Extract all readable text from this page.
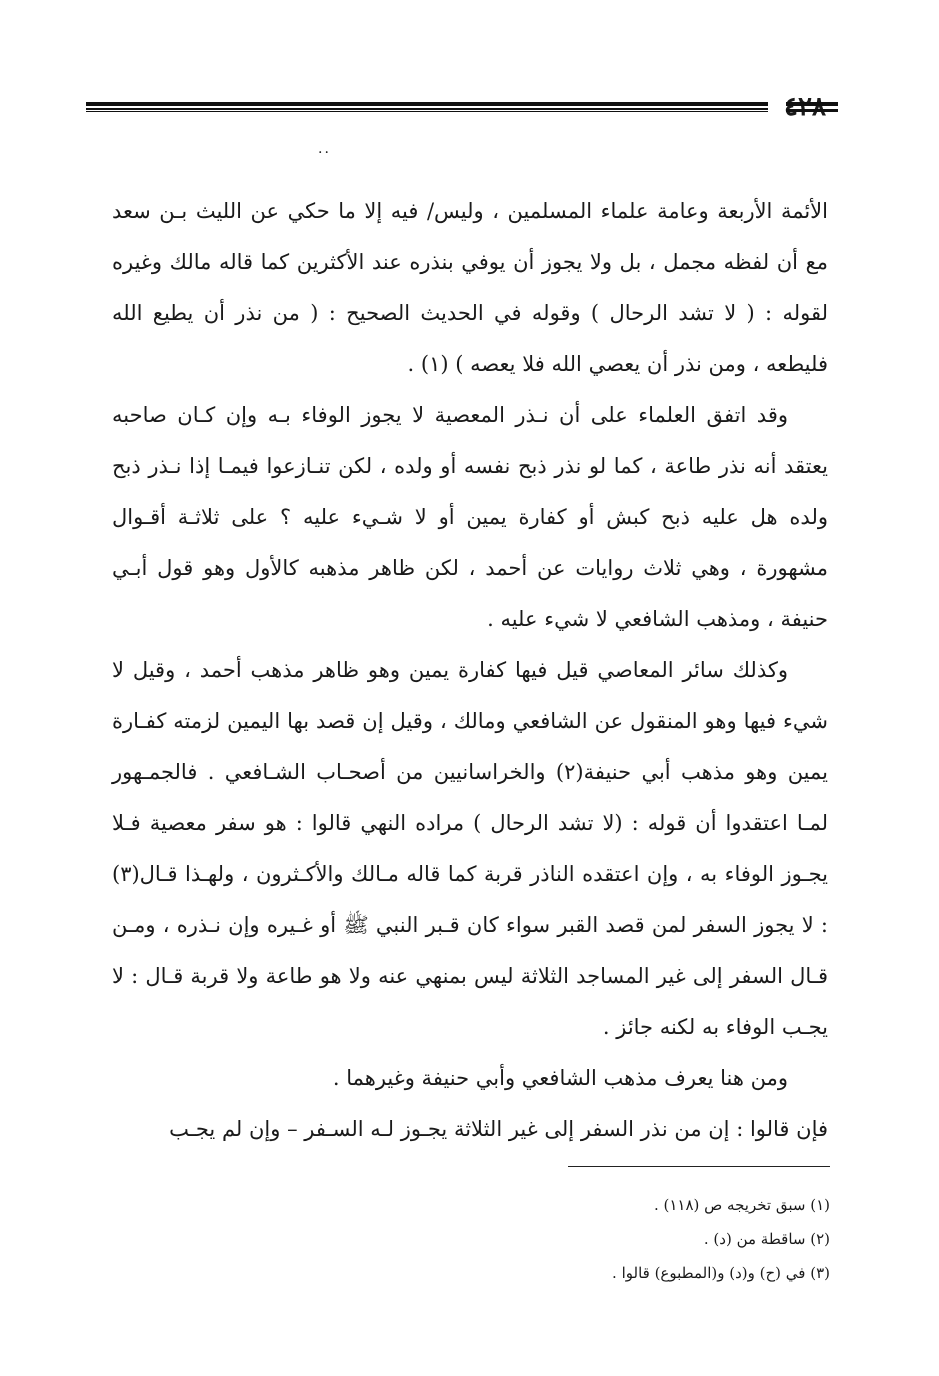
٤٢٨
..

الأئمة الأربعة وعامة علماء المسلمين ، وليس/ فيه إلا ما حكي عن الليث بـن سعد مع أن لفظه مجمل ، بل ولا يجوز أن يوفي بنذره عند الأكثرين كما قاله مالك وغيره لقوله : ( لا تشد الرحال ) وقوله في الحديث الصحيح : ( من نذر أن يطيع الله فليطعه ، ومن نذر أن يعصي الله فلا يعصه ) (١) .

وقد اتفق العلماء على أن نـذر المعصية لا يجوز الوفاء بـه وإن كـان صاحبه يعتقد أنه نذر طاعة ، كما لو نذر ذبح نفسه أو ولده ، لكن تنـازعوا فيمـا إذا نـذر ذبح ولده هل عليه ذبح كبش أو كفارة يمين أو لا شـيء عليه ؟ على ثلاثـة أقـوال مشهورة ، وهي ثلاث روايات عن أحمد ، لكن ظاهر مذهبه كالأول وهو قول أبـي حنيفة ، ومذهب الشافعي لا شيء عليه .

وكذلك سائر المعاصي قيل فيها كفارة يمين وهو ظاهر مذهب أحمد ، وقيل لا شيء فيها وهو المنقول عن الشافعي ومالك ، وقيل إن قصد بها اليمين لزمته كفـارة يمين وهو مذهب أبي حنيفة(٢) والخراسانيين من أصحـاب الشـافعي . فالجمـهور لمـا اعتقدوا أن قوله : (لا تشد الرحال ) مراده النهي قالوا : هو سفر معصية فـلا يجـوز الوفاء به ، وإن اعتقده الناذر قربة كما قاله مـالك والأكـثرون ، ولهـذا قـال(٣) : لا يجوز السفر لمن قصد القبر سواء كان قـبر النبي ﷺ أو غـيره وإن نـذره ، ومـن قـال السفر إلى غير المساجد الثلاثة ليس بمنهي عنه ولا هو طاعة ولا قربة قـال : لا يجـب الوفاء به لكنه جائز .

ومن هنا يعرف مذهب الشافعي وأبي حنيفة وغيرهما .

فإن قالوا : إن من نذر السفر إلى غير الثلاثة يجـوز لـه السـفر – وإن لم يجـب

(١) سبق تخريجه ص (١١٨) .

(٢) ساقطة من (د) .

(٣) في (ح) و(د) و(المطبوع) قالوا .
